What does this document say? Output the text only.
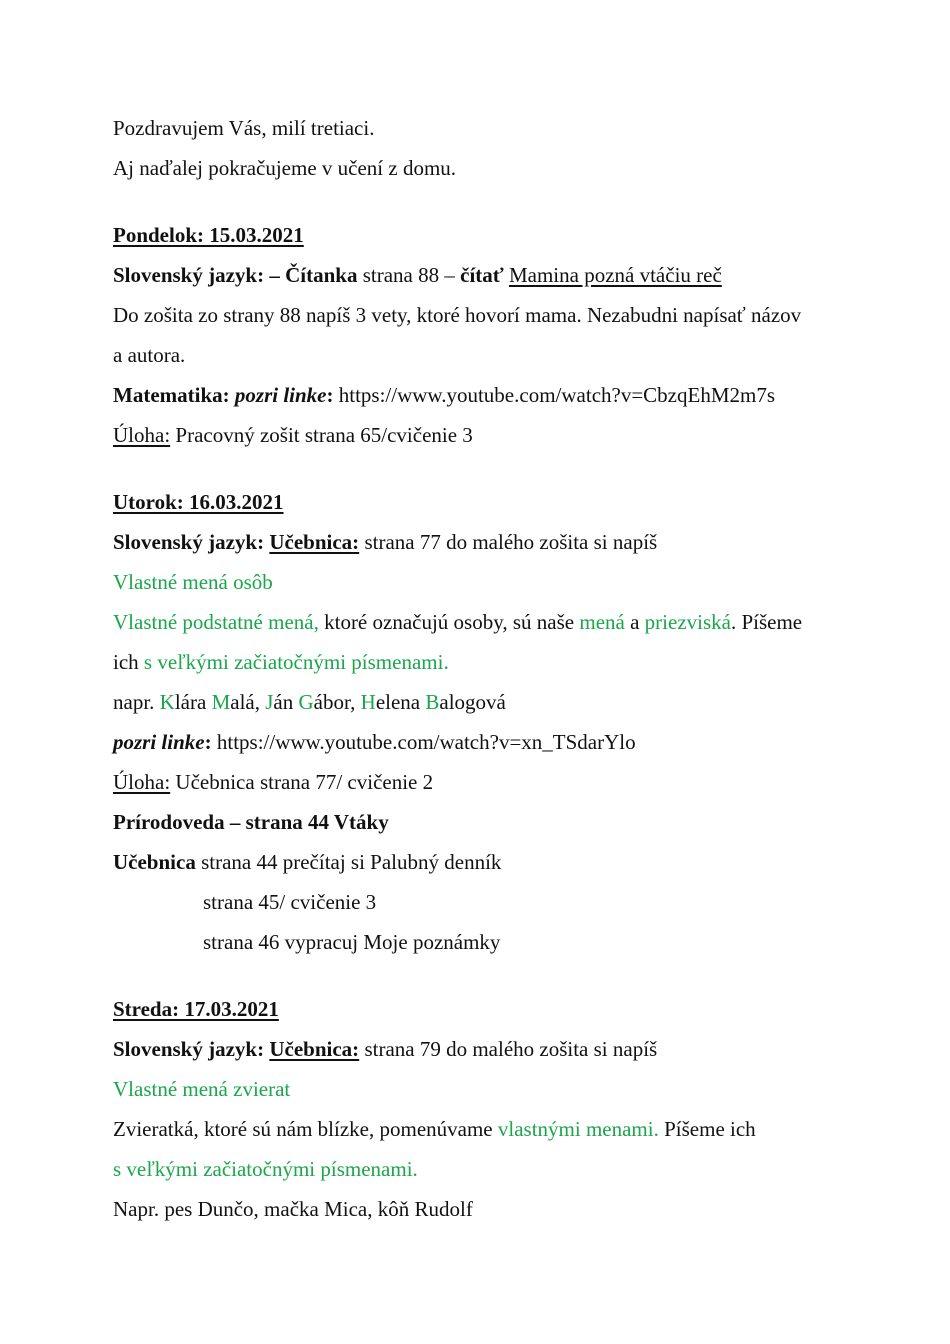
Pozdravujem Vás, milí tretiaci.
Aj naďalej pokračujeme v učení z domu.
Pondelok: 15.03.2021
Slovenský jazyk: – Čítanka strana 88 – čítať Mamina pozná vtáčiu reč
Do zošita zo strany 88 napíš 3 vety, ktoré hovorí mama. Nezabudni napísať názov
a autora.
Matematika: pozri linke: https://www.youtube.com/watch?v=CbzqEhM2m7s
Úloha: Pracovný zošit strana 65/cvičenie 3
Utorok: 16.03.2021
Slovenský jazyk: Učebnica: strana 77 do malého zošita si napíš
Vlastné mená osôb
Vlastné podstatné mená, ktoré označujú osoby, sú naše mená a priezviská. Píšeme
ich s veľkými začiatočnými písmenami.
napr. Klára Malá, Ján Gábor, Helena Balogová
pozri linke: https://www.youtube.com/watch?v=xn_TSdarYlo
Úloha: Učebnica strana 77/ cvičenie 2
Prírodoveda – strana 44 Vtáky
Učebnica strana 44 prečítaj si Palubný denník
strana 45/ cvičenie 3
strana 46 vypracuj Moje poznámky
Streda: 17.03.2021
Slovenský jazyk: Učebnica: strana 79 do malého zošita si napíš
Vlastné mená zvierat
Zvieratká, ktoré sú nám blízke, pomenúvame vlastnými menami. Píšeme ich
s veľkými začiatočnými písmenami.
Napr. pes Dunčo, mačka Mica, kôň Rudolf
